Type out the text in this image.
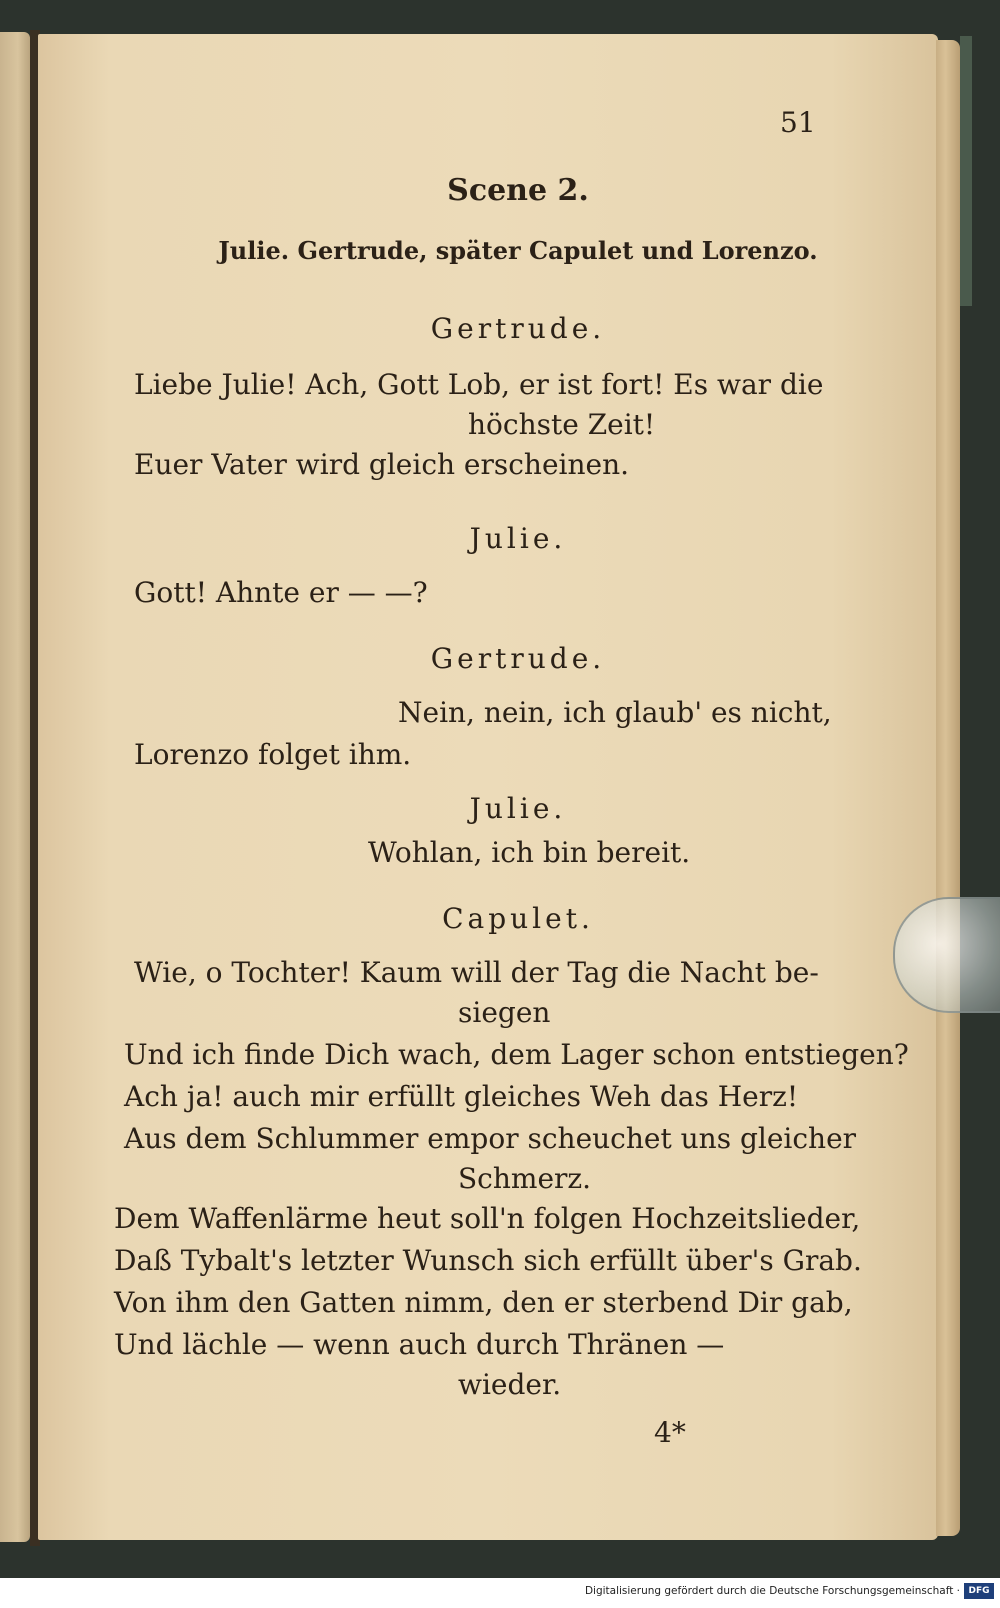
51
Scene 2.
Julie. Gertrude, später Capulet und Lorenzo.
Gertrude.
Liebe Julie! Ach, Gott Lob, er ist fort! Es war die
höchste Zeit!
Euer Vater wird gleich erscheinen.
Julie.
Gott! Ahnte er — —?
Gertrude.
Nein, nein, ich glaub' es nicht,
Lorenzo folget ihm.
Julie.
Wohlan, ich bin bereit.
Capulet.
Wie, o Tochter! Kaum will der Tag die Nacht be-
siegen
Und ich finde Dich wach, dem Lager schon entstiegen?
Ach ja! auch mir erfüllt gleiches Weh das Herz!
Aus dem Schlummer empor scheuchet uns gleicher
Schmerz.
Dem Waffenlärme heut soll'n folgen Hochzeitslieder,
Daß Tybalt's letzter Wunsch sich erfüllt über's Grab.
Von ihm den Gatten nimm, den er sterbend Dir gab,
Und lächle — wenn auch durch Thränen —
wieder.
4*
Digitalisierung gefördert durch die Deutsche Forschungsgemeinschaft · DFG
